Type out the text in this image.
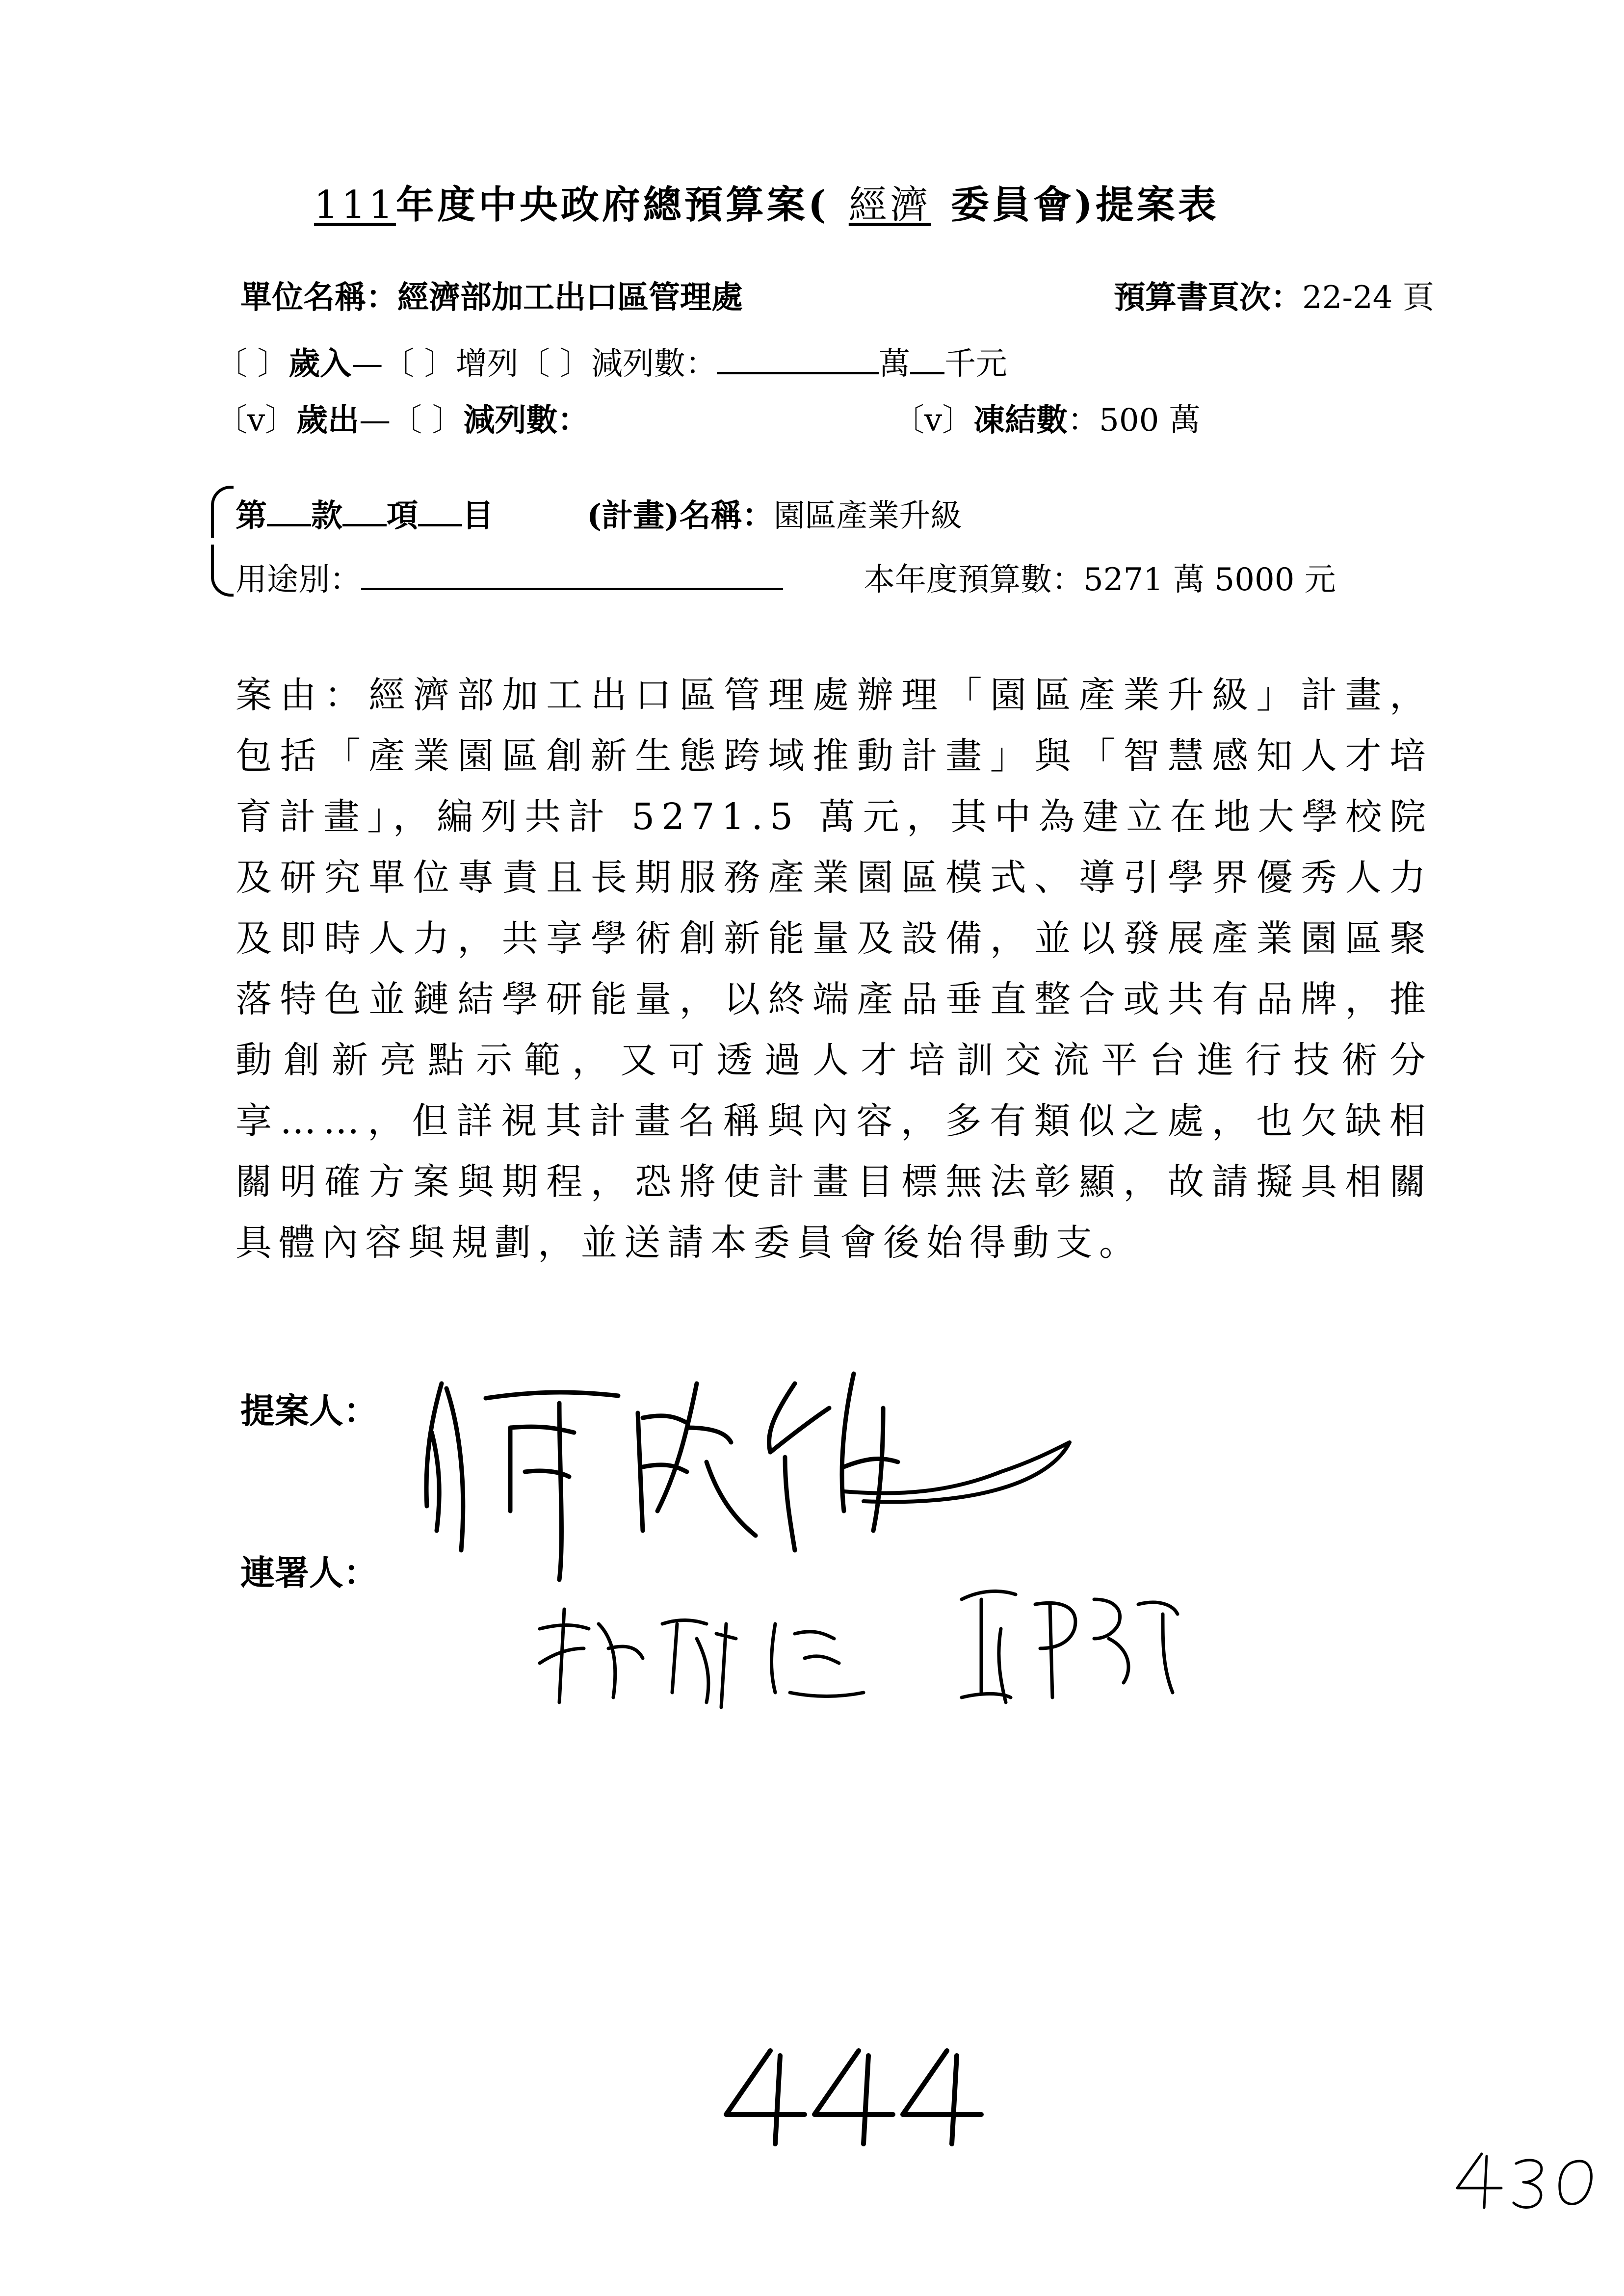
111年度中央政府總預算案( 經濟 委員會)提案表
單位名稱：經濟部加工出口區管理處	預算書頁次：22-24 頁
〔 〕歲入—〔 〕增列〔 〕減列數：	萬 千元
〔v〕歲出—〔 〕減列數：	〔v〕凍結數：500 萬
第 款 項 目	(計畫)名稱：園區產業升級
用途別：	本年度預算數：5271 萬 5000 元
案由：經濟部加工出口區管理處辦理「園區產業升級」計畫，包括「產業園區創新生態跨域推動計畫」與「智慧感知人才培育計畫」，編列共計 5271.5 萬元，其中為建立在地大學校院及研究單位專責且長期服務產業園區模式、導引學界優秀人力及即時人力，共享學術創新能量及設備，並以發展產業園區聚落特色並鏈結學研能量，以終端產品垂直整合或共有品牌，推動創新亮點示範，又可透過人才培訓交流平台進行技術分享……，但詳視其計畫名稱與內容，多有類似之處，也欠缺相關明確方案與期程，恐將使計畫目標無法彰顯，故請擬具相關具體內容與規劃，並送請本委員會後始得動支。
提案人：
連署人：
